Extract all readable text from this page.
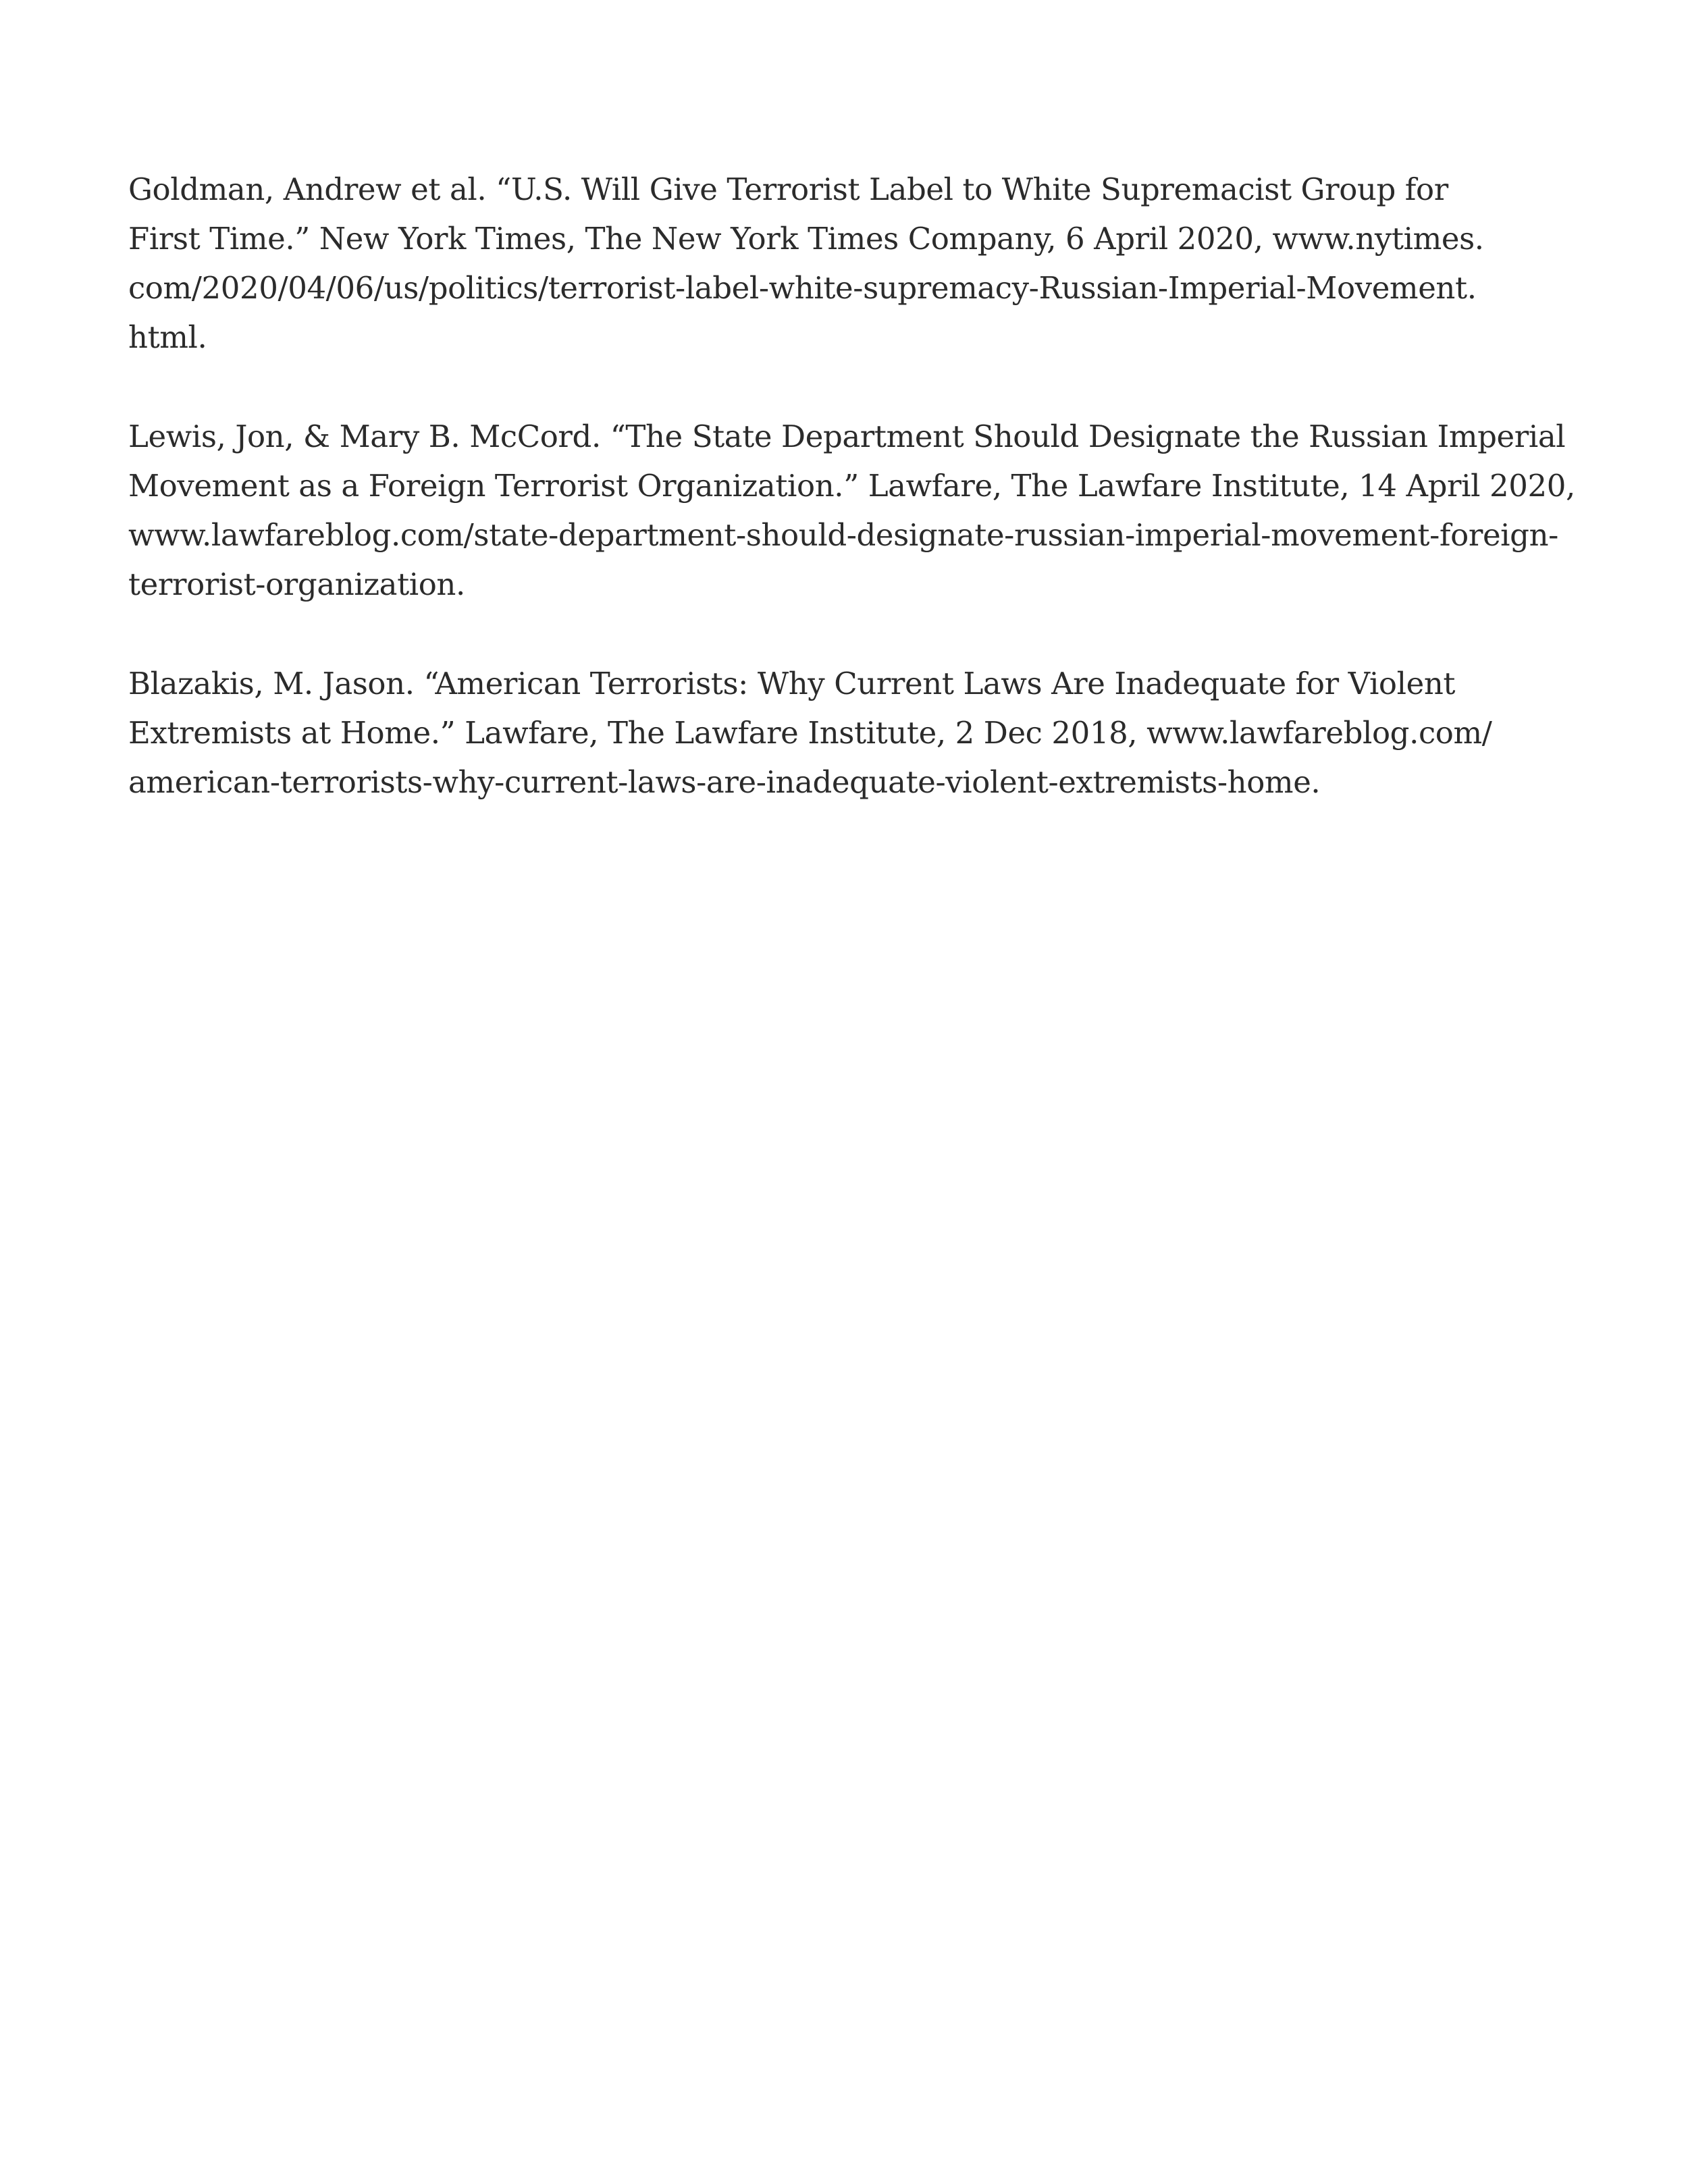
Goldman, Andrew et al. “U.S. Will Give Terrorist Label to White Supremacist Group for
First Time.” New York Times, The New York Times Company, 6 April 2020, www.nytimes.
com/2020/04/06/us/politics/terrorist-label-white-supremacy-Russian-Imperial-Movement.
html.
Lewis, Jon, & Mary B. McCord. “The State Department Should Designate the Russian Imperial
Movement as a Foreign Terrorist Organization.” Lawfare, The Lawfare Institute, 14 April 2020,
www.lawfareblog.com/state-department-should-designate-russian-imperial-movement-foreign-
terrorist-organization.
Blazakis, M. Jason. “American Terrorists: Why Current Laws Are Inadequate for Violent
Extremists at Home.” Lawfare, The Lawfare Institute, 2 Dec 2018, www.lawfareblog.com/
american-terrorists-why-current-laws-are-inadequate-violent-extremists-home.
